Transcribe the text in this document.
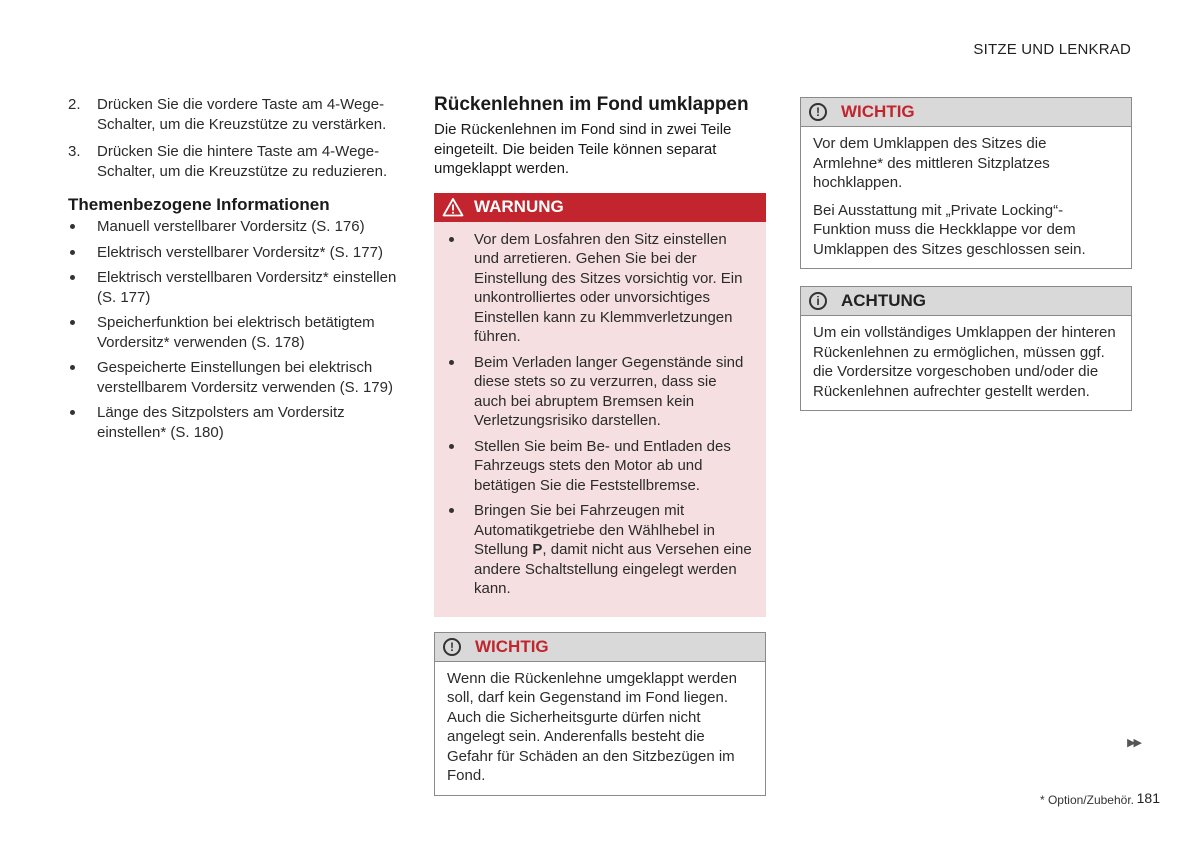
SITZE UND LENKRAD
2. Drücken Sie die vordere Taste am 4-Wege-Schalter, um die Kreuzstütze zu verstärken.
3. Drücken Sie die hintere Taste am 4-Wege-Schalter, um die Kreuzstütze zu reduzieren.
Themenbezogene Informationen
Manuell verstellbarer Vordersitz (S. 176)
Elektrisch verstellbarer Vordersitz* (S. 177)
Elektrisch verstellbaren Vordersitz* einstellen (S. 177)
Speicherfunktion bei elektrisch betätigtem Vordersitz* verwenden (S. 178)
Gespeicherte Einstellungen bei elektrisch verstellbarem Vordersitz verwenden (S. 179)
Länge des Sitzpolsters am Vordersitz einstellen* (S. 180)
Rückenlehnen im Fond umklappen
Die Rückenlehnen im Fond sind in zwei Teile eingeteilt. Die beiden Teile können separat umgeklappt werden.
WARNUNG
Vor dem Losfahren den Sitz einstellen und arretieren. Gehen Sie bei der Einstellung des Sitzes vorsichtig vor. Ein unkontrolliertes oder unvorsichtiges Einstellen kann zu Klemmverletzungen führen.
Beim Verladen langer Gegenstände sind diese stets so zu verzurren, dass sie auch bei abruptem Bremsen kein Verletzungsrisiko darstellen.
Stellen Sie beim Be- und Entladen des Fahrzeugs stets den Motor ab und betätigen Sie die Feststellbremse.
Bringen Sie bei Fahrzeugen mit Automatikgetriebe den Wählhebel in Stellung P, damit nicht aus Versehen eine andere Schaltstellung eingelegt werden kann.
!	WICHTIG

Wenn die Rückenlehne umgeklappt werden soll, darf kein Gegenstand im Fond liegen. Auch die Sicherheitsgurte dürfen nicht angelegt sein. Anderenfalls besteht die Gefahr für Schäden an den Sitzbezügen im Fond.

!	WICHTIG

Vor dem Umklappen des Sitzes die Armlehne* des mittleren Sitzplatzes hochklappen.

Bei Ausstattung mit „Private Locking“-Funktion muss die Heckklappe vor dem Umklappen des Sitzes geschlossen sein.

i	ACHTUNG

Um ein vollständiges Umklappen der hinteren Rückenlehnen zu ermöglichen, müssen ggf. die Vordersitze vorgeschoben und/oder die Rückenlehnen aufrechter gestellt werden.

▶▶
* Option/Zubehör. 181
